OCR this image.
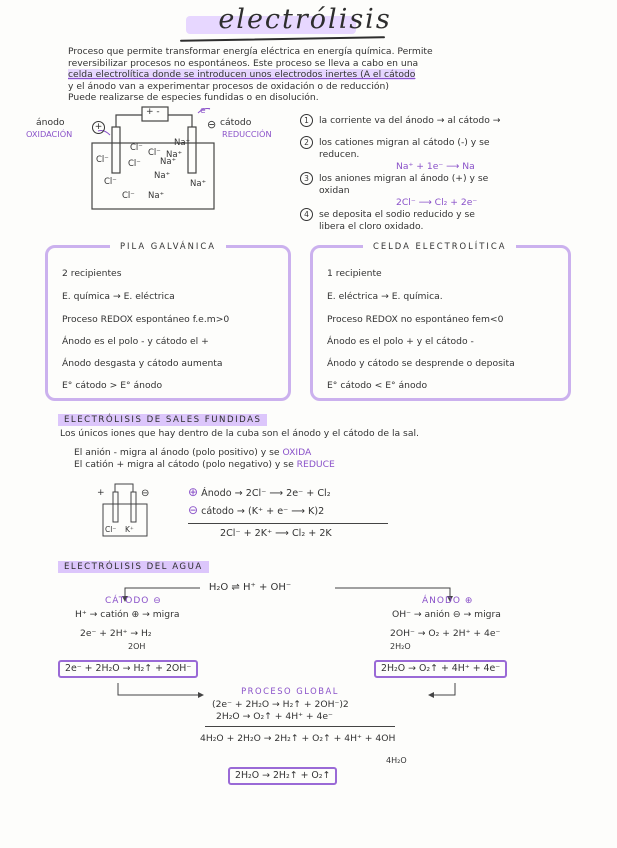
electrólisis
Proceso que permite transformar energía eléctrica en energía química. Permite
reversibilizar procesos no espontáneos. Este proceso se lleva a cabo en una
celda electrolítica donde se introducen unos electrodos inertes (A el cátodo
y el ánodo van a experimentar procesos de oxidación o de reducción)
Puede realizarse de especies fundidas o en disolución.
+ -	e⁻
ánodo
OXIDACIÓN
+	⊖ cátodo
REDUCCIÓN
Na⁺
Cl⁻ Cl⁻
Na⁺
Cl⁻	Na⁺
Cl⁻
Cl⁻
Na⁺
Na⁺
Cl⁻ Na⁺
1 la corriente va del ánodo → al cátodo →
2 los cationes migran al cátodo (-) y se
reducen.
Na⁺ + 1e⁻ ⟶ Na
3 los aniones migran al ánodo (+) y se
oxidan
2Cl⁻ ⟶ Cl₂ + 2e⁻
4 se deposita el sodio reducido y se
libera el cloro oxidado.
PILA GALVÁNICA
2 recipientes
E. química → E. eléctrica
Proceso REDOX espontáneo f.e.m>0
Ánodo es el polo - y cátodo el +
Ánodo desgasta y cátodo aumenta
E° cátodo > E° ánodo
CELDA ELECTROLÍTICA
1 recipiente
E. eléctrica → E. química.
Proceso REDOX no espontáneo fem<0
Ánodo es el polo + y el cátodo -
Ánodo y cátodo se desprende o deposita
E° cátodo < E° ánodo
ELECTRÓLISIS DE SALES FUNDIDAS
Los únicos iones que hay dentro de la cuba son el ánodo y el cátodo de la sal.
El anión - migra al ánodo (polo positivo) y se OXIDA
El catión + migra al cátodo (polo negativo) y se REDUCE
+	⊖
Cl⁻ K⁺
⊕ Ánodo → 2Cl⁻ ⟶ 2e⁻ + Cl₂
⊖ cátodo → (K⁺ + e⁻ ⟶ K)2
2Cl⁻ + 2K⁺ ⟶ Cl₂ + 2K
ELECTRÓLISIS DEL AGUA
H₂O ⇌ H⁺ + OH⁻
CÁTODO ⊖
H⁺ → catión ⊕ → migra
2e⁻ + 2H⁺ → H₂
2OH
2e⁻ + 2H₂O → H₂↑ + 2OH⁻
ÁNODO ⊕
OH⁻ → anión ⊖ → migra
2OH⁻ → O₂ + 2H⁺ + 4e⁻
2H₂O
2H₂O → O₂↑ + 4H⁺ + 4e⁻
PROCESO GLOBAL
(2e⁻ + 2H₂O → H₂↑ + 2OH⁻)2
2H₂O → O₂↑ + 4H⁺ + 4e⁻
4H₂O + 2H₂O → 2H₂↑ + O₂↑ + 4H⁺ + 4OH
4H₂O
2H₂O → 2H₂↑ + O₂↑
